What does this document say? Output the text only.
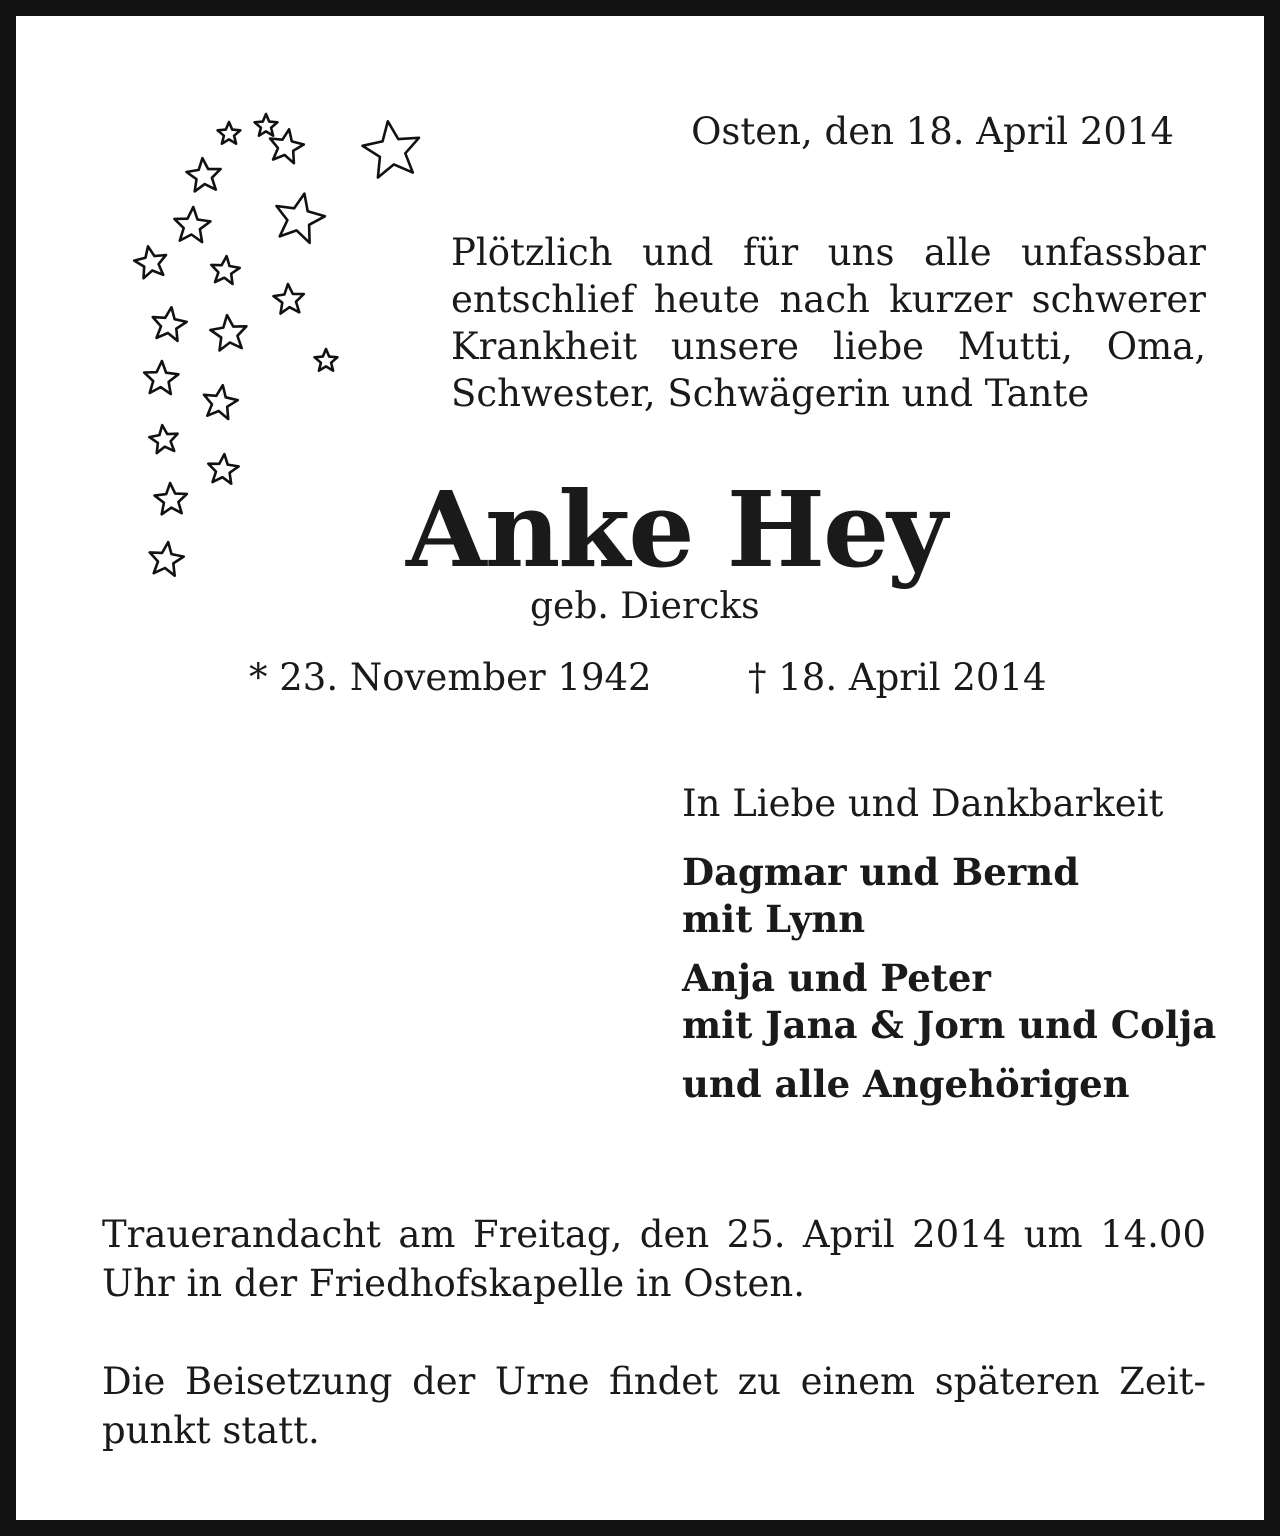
Osten, den 18. April 2014
Plötzlich und für uns alle unfassbar
entschlief heute nach kurzer schwerer
Krankheit unsere liebe Mutti, Oma,
Schwester, Schwägerin und Tante
Anke Hey
geb. Diercks
* 23. November 1942	† 18. April 2014
In Liebe und Dankbarkeit
Dagmar und Bernd
mit Lynn
Anja und Peter
mit Jana & Jorn und Colja
und alle Angehörigen
Trauerandacht am Freitag, den 25. April 2014 um 14.00
Uhr in der Friedhofskapelle in Osten.
Die Beisetzung der Urne findet zu einem späteren Zeit-
punkt statt.
